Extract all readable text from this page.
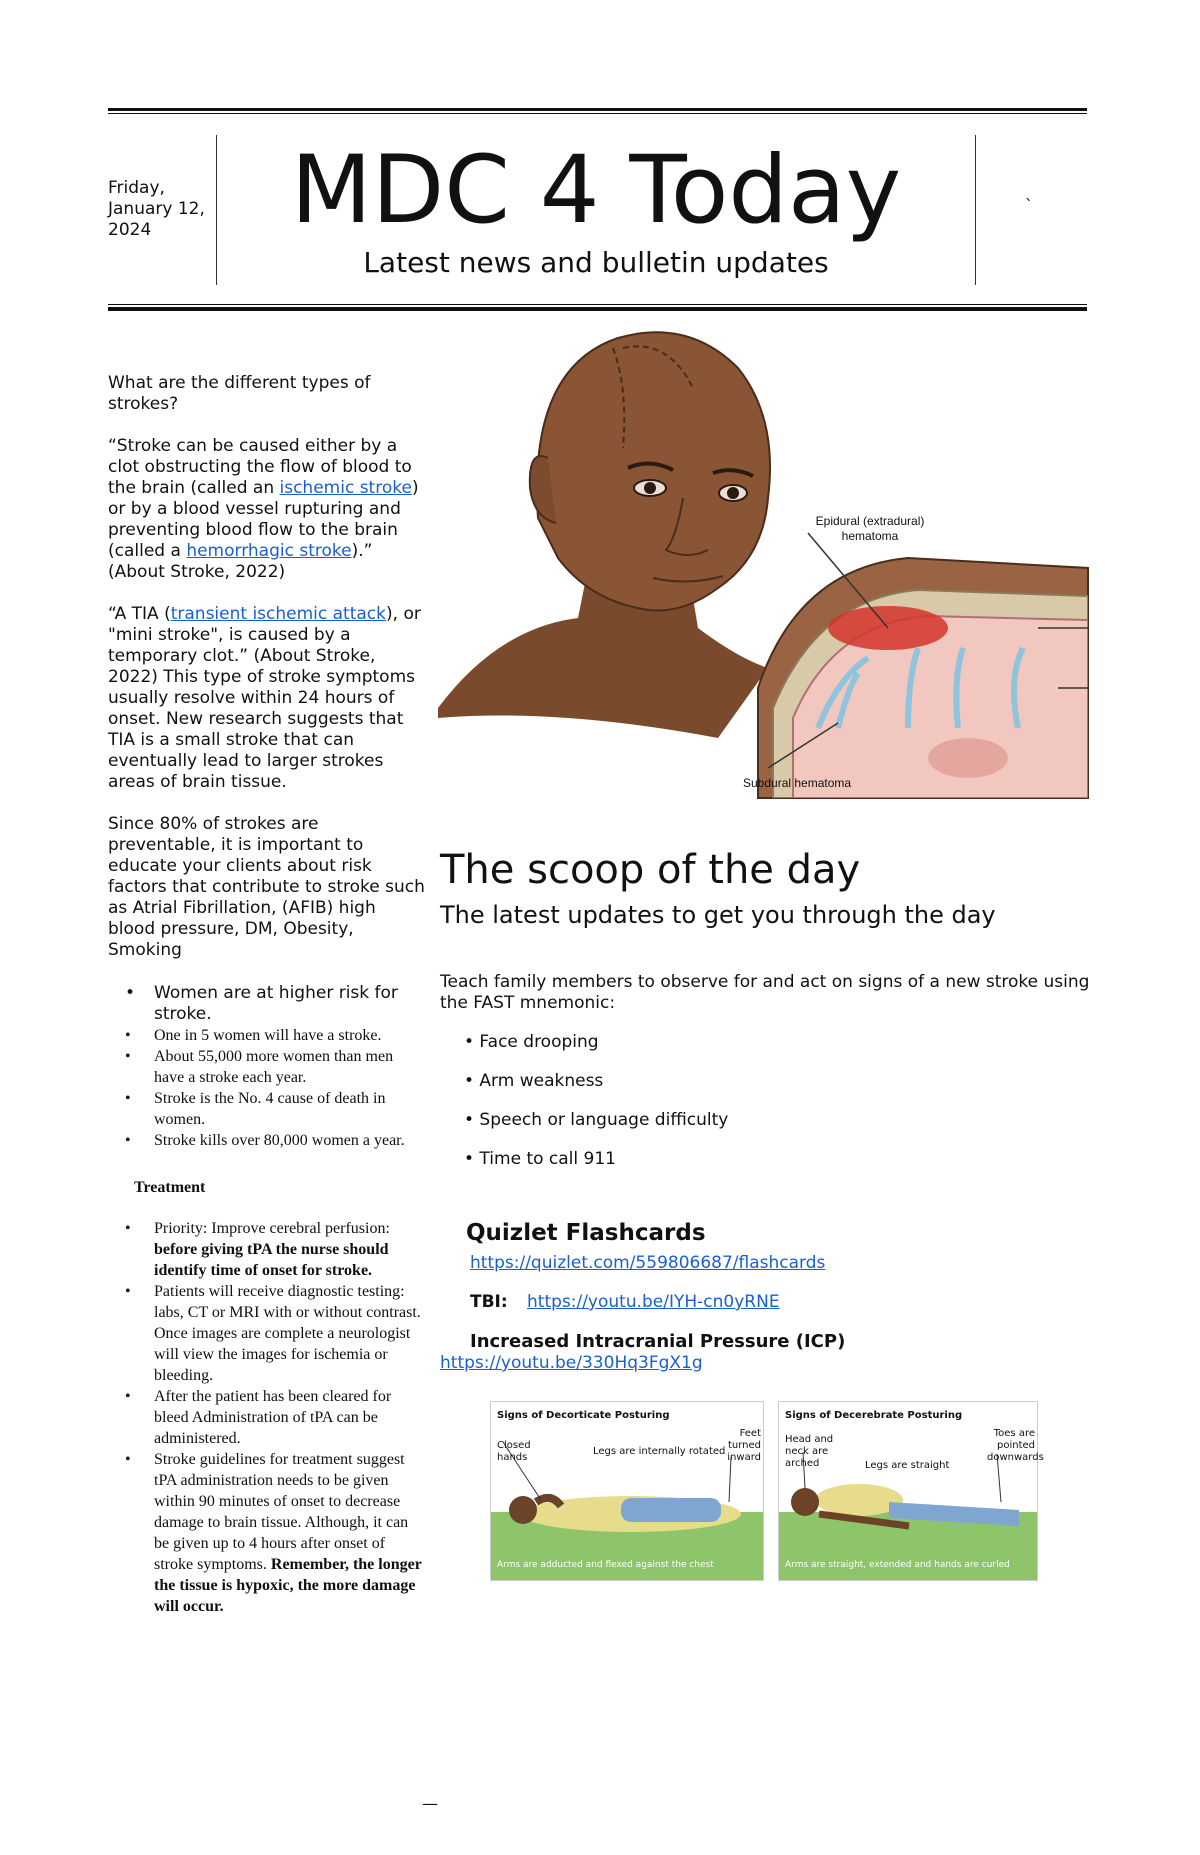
Friday, January 12, 2024	MDC 4 Today
Latest news and bulletin updates
`

What are the different types of strokes?

“Stroke can be caused either by a clot obstructing the flow of blood to the brain (called an ischemic stroke) or by a blood vessel rupturing and preventing blood flow to the brain (called a hemorrhagic stroke).” (About Stroke, 2022)

“A TIA (transient ischemic attack), or "mini stroke", is caused by a temporary clot.” (About Stroke, 2022) This type of stroke symptoms usually resolve within 24 hours of onset. New research suggests that TIA is a small stroke that can eventually lead to larger strokes areas of brain tissue.

Since 80% of strokes are preventable, it is important to educate your clients about risk factors that contribute to stroke such as Atrial Fibrillation, (AFIB) high blood pressure, DM, Obesity, Smoking

• Women are at higher risk for stroke.
• One in 5 women will have a stroke.
• About 55,000 more women than men have a stroke each year.
• Stroke is the No. 4 cause of death in women.
• Stroke kills over 80,000 women a year.
Treatment
• Priority: Improve cerebral perfusion: before giving tPA the nurse should identify time of onset for stroke.
• Patients will receive diagnostic testing: labs, CT or MRI with or without contrast. Once images are complete a neurologist will view the images for ischemia or bleeding.
• After the patient has been cleared for bleed Administration of tPA can be administered.
• Stroke guidelines for treatment suggest tPA administration needs to be given within 90 minutes of onset to decrease damage to brain tissue. Although, it can be given up to 4 hours after onset of stroke symptoms. Remember, the longer the tissue is hypoxic, the more damage will occur.
Epidural (extradural) hematoma
Subdural hematoma
The scoop of the day
The latest updates to get you through the day
Teach family members to observe for and act on signs of a new stroke using the FAST mnemonic:
• Face drooping
• Arm weakness
• Speech or language difficulty
• Time to call 911
Quizlet Flashcards
https://quizlet.com/559806687/flashcards
TBI: https://youtu.be/IYH-cn0yRNE
Increased Intracranial Pressure (ICP)
https://youtu.be/330Hq3FgX1g
Signs of Decorticate Posturing
Closed hands
Legs are internally rotated
Feet turned inward
Arms are adducted and flexed against the chest
Signs of Decerebrate Posturing
Head and neck are arched	Legs are straight
Toes are pointed downwards
Arms are straight, extended and hands are curled
—
